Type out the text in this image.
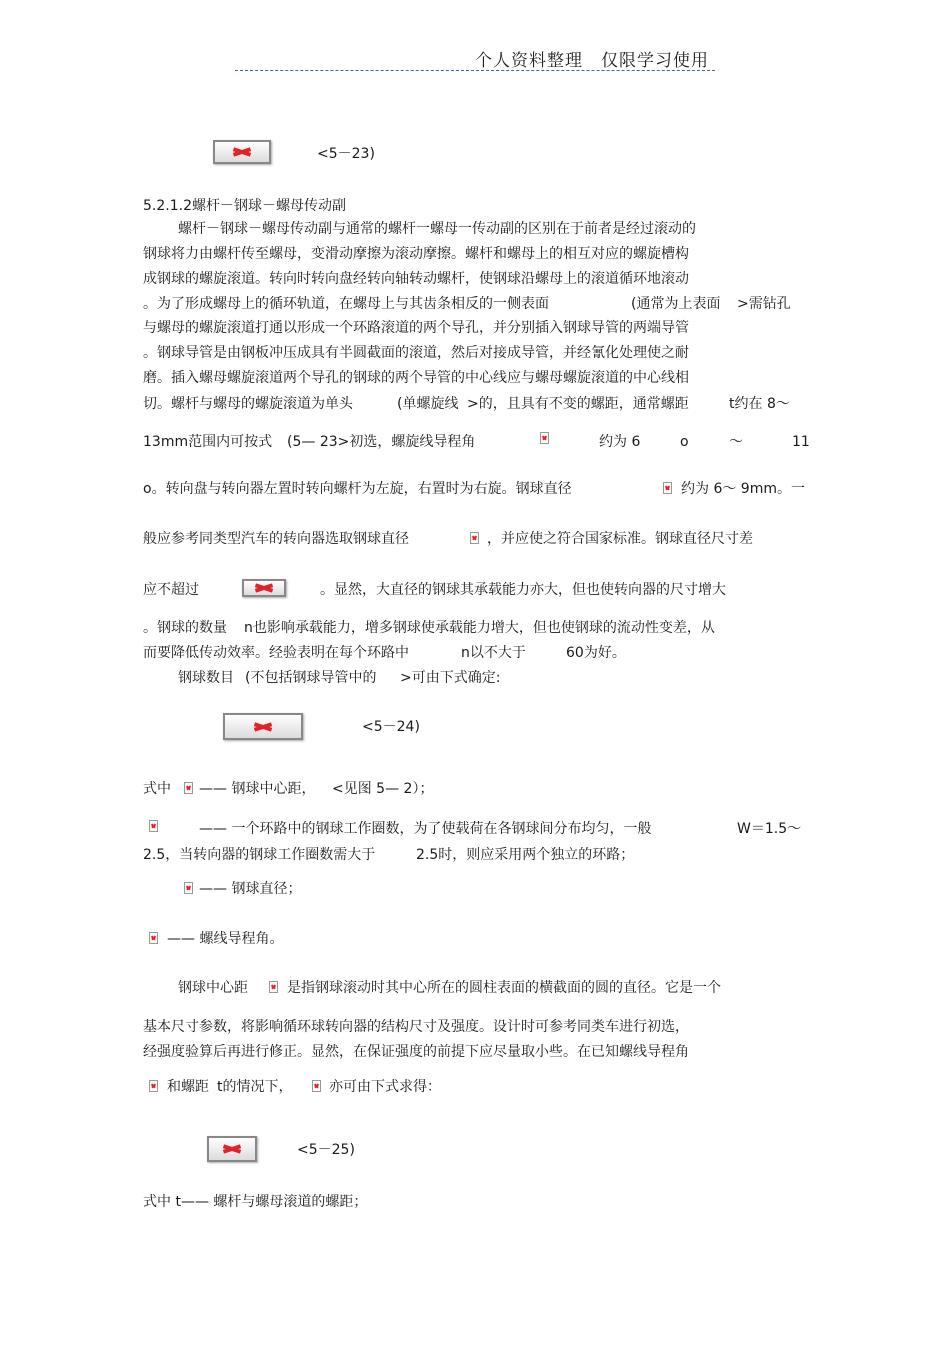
个人资料整理　仅限学习使用
<5－23)
5.2.1.2螺杆－钢球－螺母传动副
螺杆－钢球－螺母传动副与通常的螺杆一螺母一传动副的区别在于前者是经过滚动的
钢球将力由螺杆传至螺母，变滑动摩擦为滚动摩擦。螺杆和螺母上的相互对应的螺旋槽构
成钢球的螺旋滚道。转向时转向盘经转向轴转动螺杆，使钢球沿螺母上的滚道循环地滚动
。为了形成螺母上的循环轨道，在螺母上与其齿条相反的一侧表面	(通常为上表面 >需钻孔
与螺母的螺旋滚道打通以形成一个环路滚道的两个导孔，并分别插入钢球导管的两端导管
。钢球导管是由钢板冲压成具有半圆截面的滚道，然后对接成导管，并经氰化处理使之耐
磨。插入螺母螺旋滚道两个导孔的钢球的两个导管的中心线应与螺母螺旋滚道的中心线相
切。螺杆与螺母的螺旋滚道为单头	(单螺旋线 >的，且具有不变的螺距，通常螺距	t约在 8～
13mm范围内可按式 (5— 23>初选，螺旋线导程角	约为 6	o	～	11
o。转向盘与转向器左置时转向螺杆为左旋，右置时为右旋。钢球直径	约为 6～ 9mm。一
般应参考同类型汽车的转向器选取钢球直径	，并应使之符合国家标准。钢球直径尺寸差
应不超过	。显然，大直径的钢球其承载能力亦大，但也使转向器的尺寸增大
。钢球的数量 n也影响承载能力，增多钢球使承载能力增大，但也使钢球的流动性变差，从
而要降低传动效率。经验表明在每个环路中	n以不大于	60为好。
钢球数目 (不包括钢球导管中的 >可由下式确定:
<5－24)
式中 —— 钢球中心距， <见图 5— 2）；
—— 一个环路中的钢球工作圈数，为了使载荷在各钢球间分布均匀，一般	W＝1.5～
2.5，当转向器的钢球工作圈数需大于	2.5时，则应采用两个独立的环路；
—— 钢球直径；
—— 螺线导程角。
钢球中心距	是指钢球滚动时其中心所在的圆柱表面的横截面的圆的直径。它是一个
基本尺寸参数，将影响循环球转向器的结构尺寸及强度。设计时可参考同类车进行初选，
经强度验算后再进行修正。显然，在保证强度的前提下应尽量取小些。在已知螺线导程角
和螺距 t的情况下，	亦可由下式求得：
<5－25)
式中 t—— 螺杆与螺母滚道的螺距；
